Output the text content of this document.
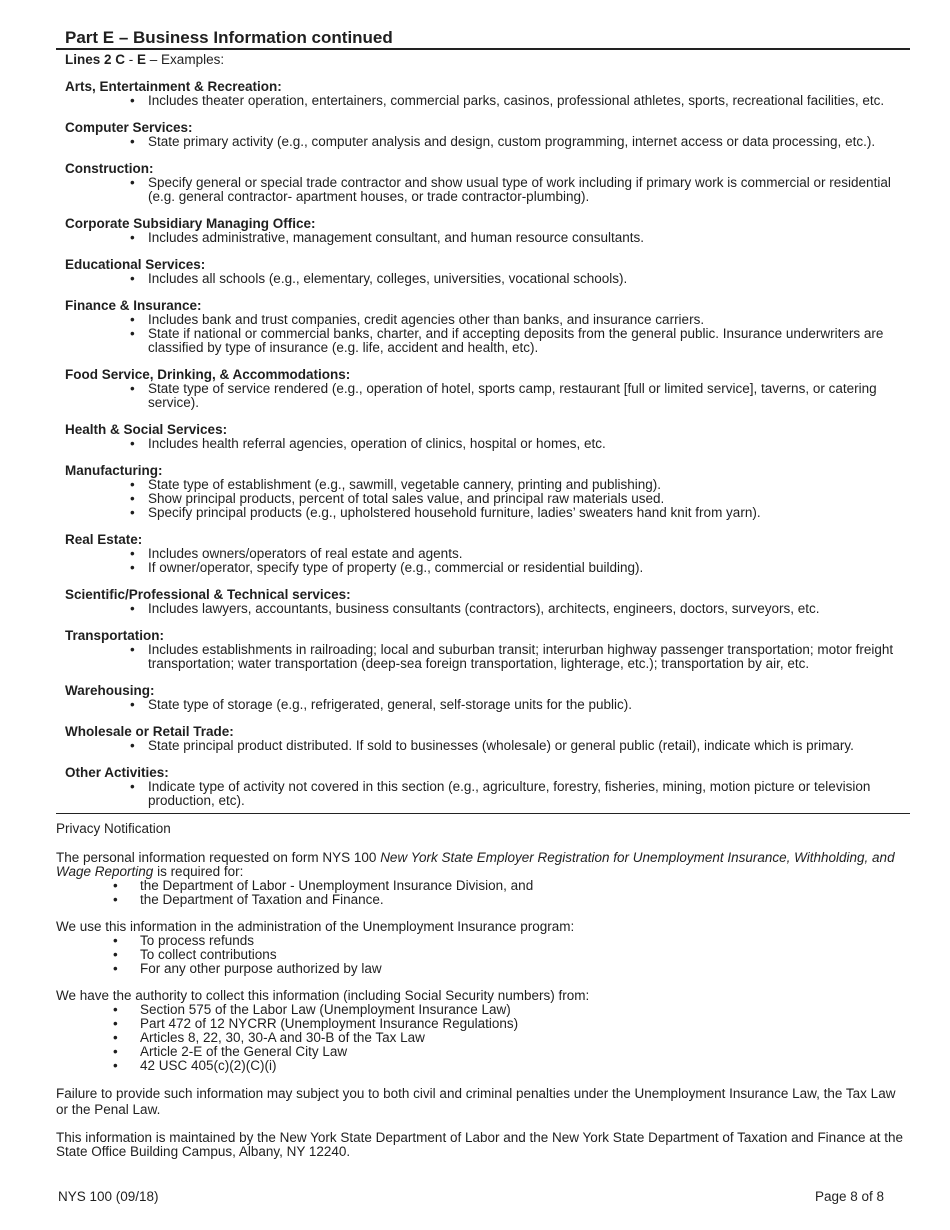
Part E – Business Information continued
Lines 2 C - E – Examples:
Arts, Entertainment & Recreation:
• Includes theater operation, entertainers, commercial parks, casinos, professional athletes, sports, recreational facilities, etc.
Computer Services:
• State primary activity (e.g., computer analysis and design, custom programming, internet access or data processing, etc.).
Construction:
• Specify general or special trade contractor and show usual type of work including if primary work is commercial or residential (e.g. general contractor- apartment houses, or trade contractor-plumbing).
Corporate Subsidiary Managing Office:
• Includes administrative, management consultant, and human resource consultants.
Educational Services:
• Includes all schools (e.g., elementary, colleges, universities, vocational schools).
Finance & Insurance:
• Includes bank and trust companies, credit agencies other than banks, and insurance carriers.
• State if national or commercial banks, charter, and if accepting deposits from the general public. Insurance underwriters are classified by type of insurance (e.g. life, accident and health, etc).
Food Service, Drinking, & Accommodations:
• State type of service rendered (e.g., operation of hotel, sports camp, restaurant [full or limited service], taverns, or catering service).
Health & Social Services:
• Includes health referral agencies, operation of clinics, hospital or homes, etc.
Manufacturing:
• State type of establishment (e.g., sawmill, vegetable cannery, printing and publishing).
• Show principal products, percent of total sales value, and principal raw materials used.
• Specify principal products (e.g., upholstered household furniture, ladies’ sweaters hand knit from yarn).
Real Estate:
• Includes owners/operators of real estate and agents.
• If owner/operator, specify type of property (e.g., commercial or residential building).
Scientific/Professional & Technical services:
• Includes lawyers, accountants, business consultants (contractors), architects, engineers, doctors, surveyors, etc.
Transportation:
• Includes establishments in railroading; local and suburban transit; interurban highway passenger transportation; motor freight transportation; water transportation (deep-sea foreign transportation, lighterage, etc.); transportation by air, etc.
Warehousing:
• State type of storage (e.g., refrigerated, general, self-storage units for the public).
Wholesale or Retail Trade:
• State principal product distributed. If sold to businesses (wholesale) or general public (retail), indicate which is primary.
Other Activities:
• Indicate type of activity not covered in this section (e.g., agriculture, forestry, fisheries, mining, motion picture or television production, etc).
Privacy Notification
The personal information requested on form NYS 100 New York State Employer Registration for Unemployment Insurance, Withholding, and Wage Reporting is required for:
• the Department of Labor - Unemployment Insurance Division, and
• the Department of Taxation and Finance.
We use this information in the administration of the Unemployment Insurance program:
• To process refunds
• To collect contributions
• For any other purpose authorized by law
We have the authority to collect this information (including Social Security numbers) from:
• Section 575 of the Labor Law (Unemployment Insurance Law)
• Part 472 of 12 NYCRR (Unemployment Insurance Regulations)
• Articles 8, 22, 30, 30-A and 30-B of the Tax Law
• Article 2-E of the General City Law
• 42 USC 405(c)(2)(C)(i)
Failure to provide such information may subject you to both civil and criminal penalties under the Unemployment Insurance Law, the Tax Law or the Penal Law.
This information is maintained by the New York State Department of Labor and the New York State Department of Taxation and Finance at the State Office Building Campus, Albany, NY 12240.
NYS 100 (09/18)	Page 8 of 8
